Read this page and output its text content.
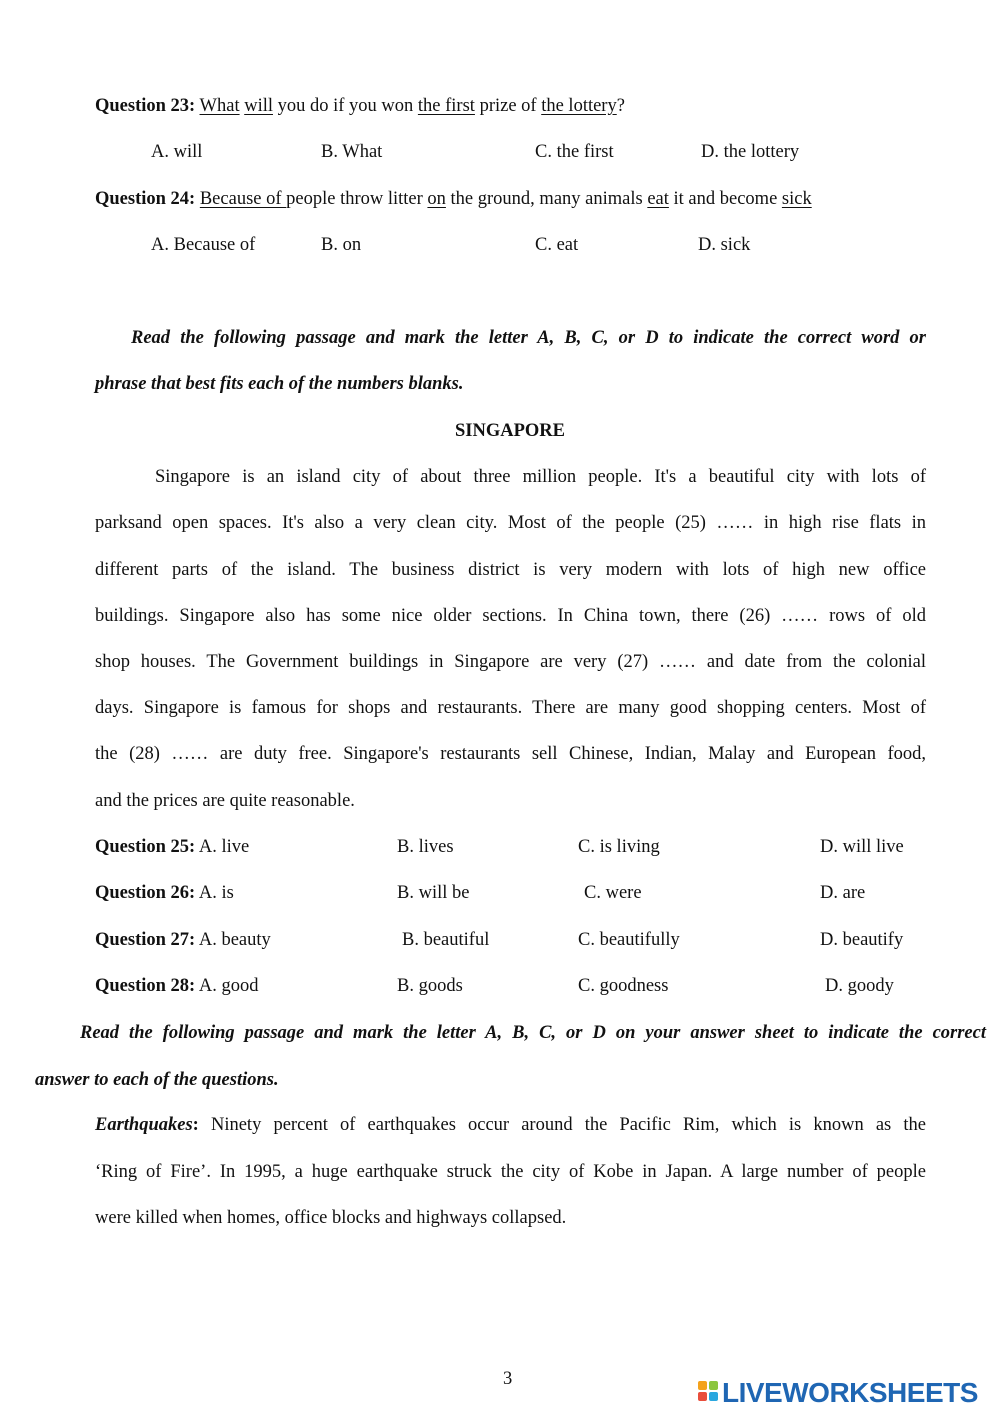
Question 23: What will you do if you won the first prize of the lottery?
A. will	B. What	C. the first	D. the lottery
Question 24: Because of people throw litter on the ground, many animals eat it and become sick
A. Because of	B. on	C. eat	D. sick
Read the following passage and mark the letter A, B, C, or D to indicate the correct word or
phrase that best fits each of the numbers blanks.
SINGAPORE
Singapore is an island city of about three million people. It's a beautiful city with lots of
parksand open spaces. It's also a very clean city. Most of the people (25) …… in high rise flats in
different parts of the island. The business district is very modern with lots of high new office
buildings. Singapore also has some nice older sections. In China town, there (26) …… rows of old
shop houses. The Government buildings in Singapore are very (27) …… and date from the colonial
days. Singapore is famous for shops and restaurants. There are many good shopping centers. Most of
the (28) …… are duty free. Singapore's restaurants sell Chinese, Indian, Malay and European food,
and the prices are quite reasonable.
Question 25: A. live	B. lives	C. is living	D. will live
Question 26: A. is	B. will be	C. were	D. are
Question 27: A. beauty	B. beautiful	C. beautifully	D. beautify
Question 28: A. good	B. goods	C. goodness	D. goody
Read the following passage and mark the letter A, B, C, or D on your answer sheet to indicate the correct
answer to each of the questions.
Earthquakes: Ninety percent of earthquakes occur around the Pacific Rim, which is known as the
‘Ring of Fire’. In 1995, a huge earthquake struck the city of Kobe in Japan. A large number of people
were killed when homes, office blocks and highways collapsed.
3	LIVEWORKSHEETS
